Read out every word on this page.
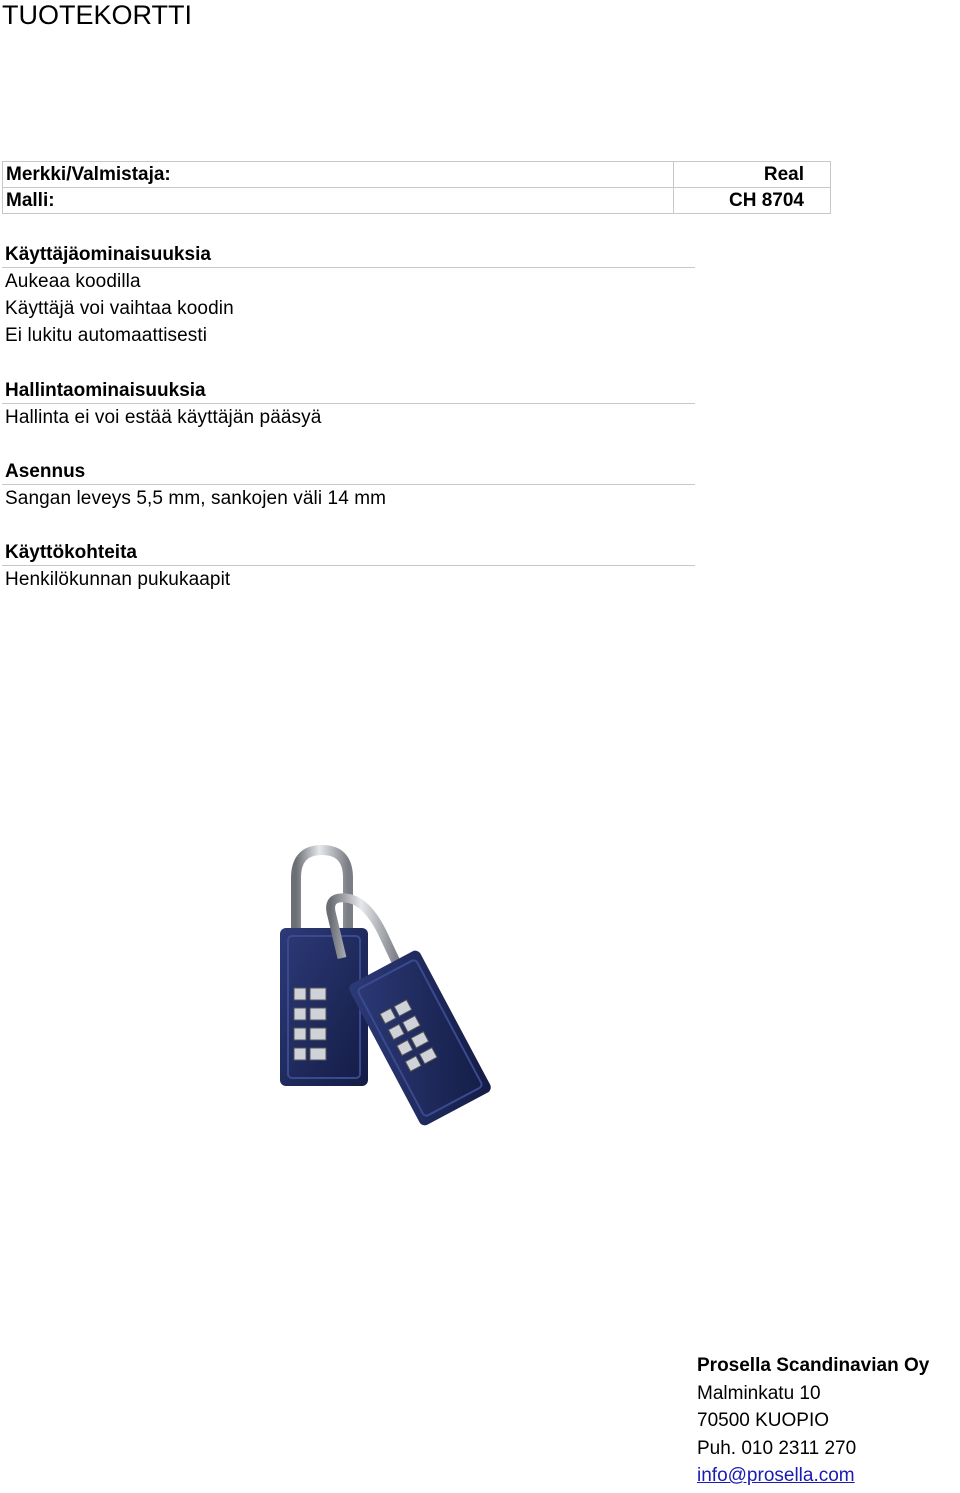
TUOTEKORTTI
Merkki/Valmistaja:	Real
Malli:	CH 8704
Käyttäjäominaisuuksia
Aukeaa koodilla
Käyttäjä voi vaihtaa koodin
Ei lukitu automaattisesti
Hallintaominaisuuksia
Hallinta ei voi estää käyttäjän pääsyä
Asennus
Sangan leveys 5,5 mm, sankojen väli 14 mm
Käyttökohteita
Henkilökunnan pukukaapit
Prosella Scandinavian Oy
Malminkatu 10
70500 KUOPIO
Puh. 010 2311 270
info@prosella.com
